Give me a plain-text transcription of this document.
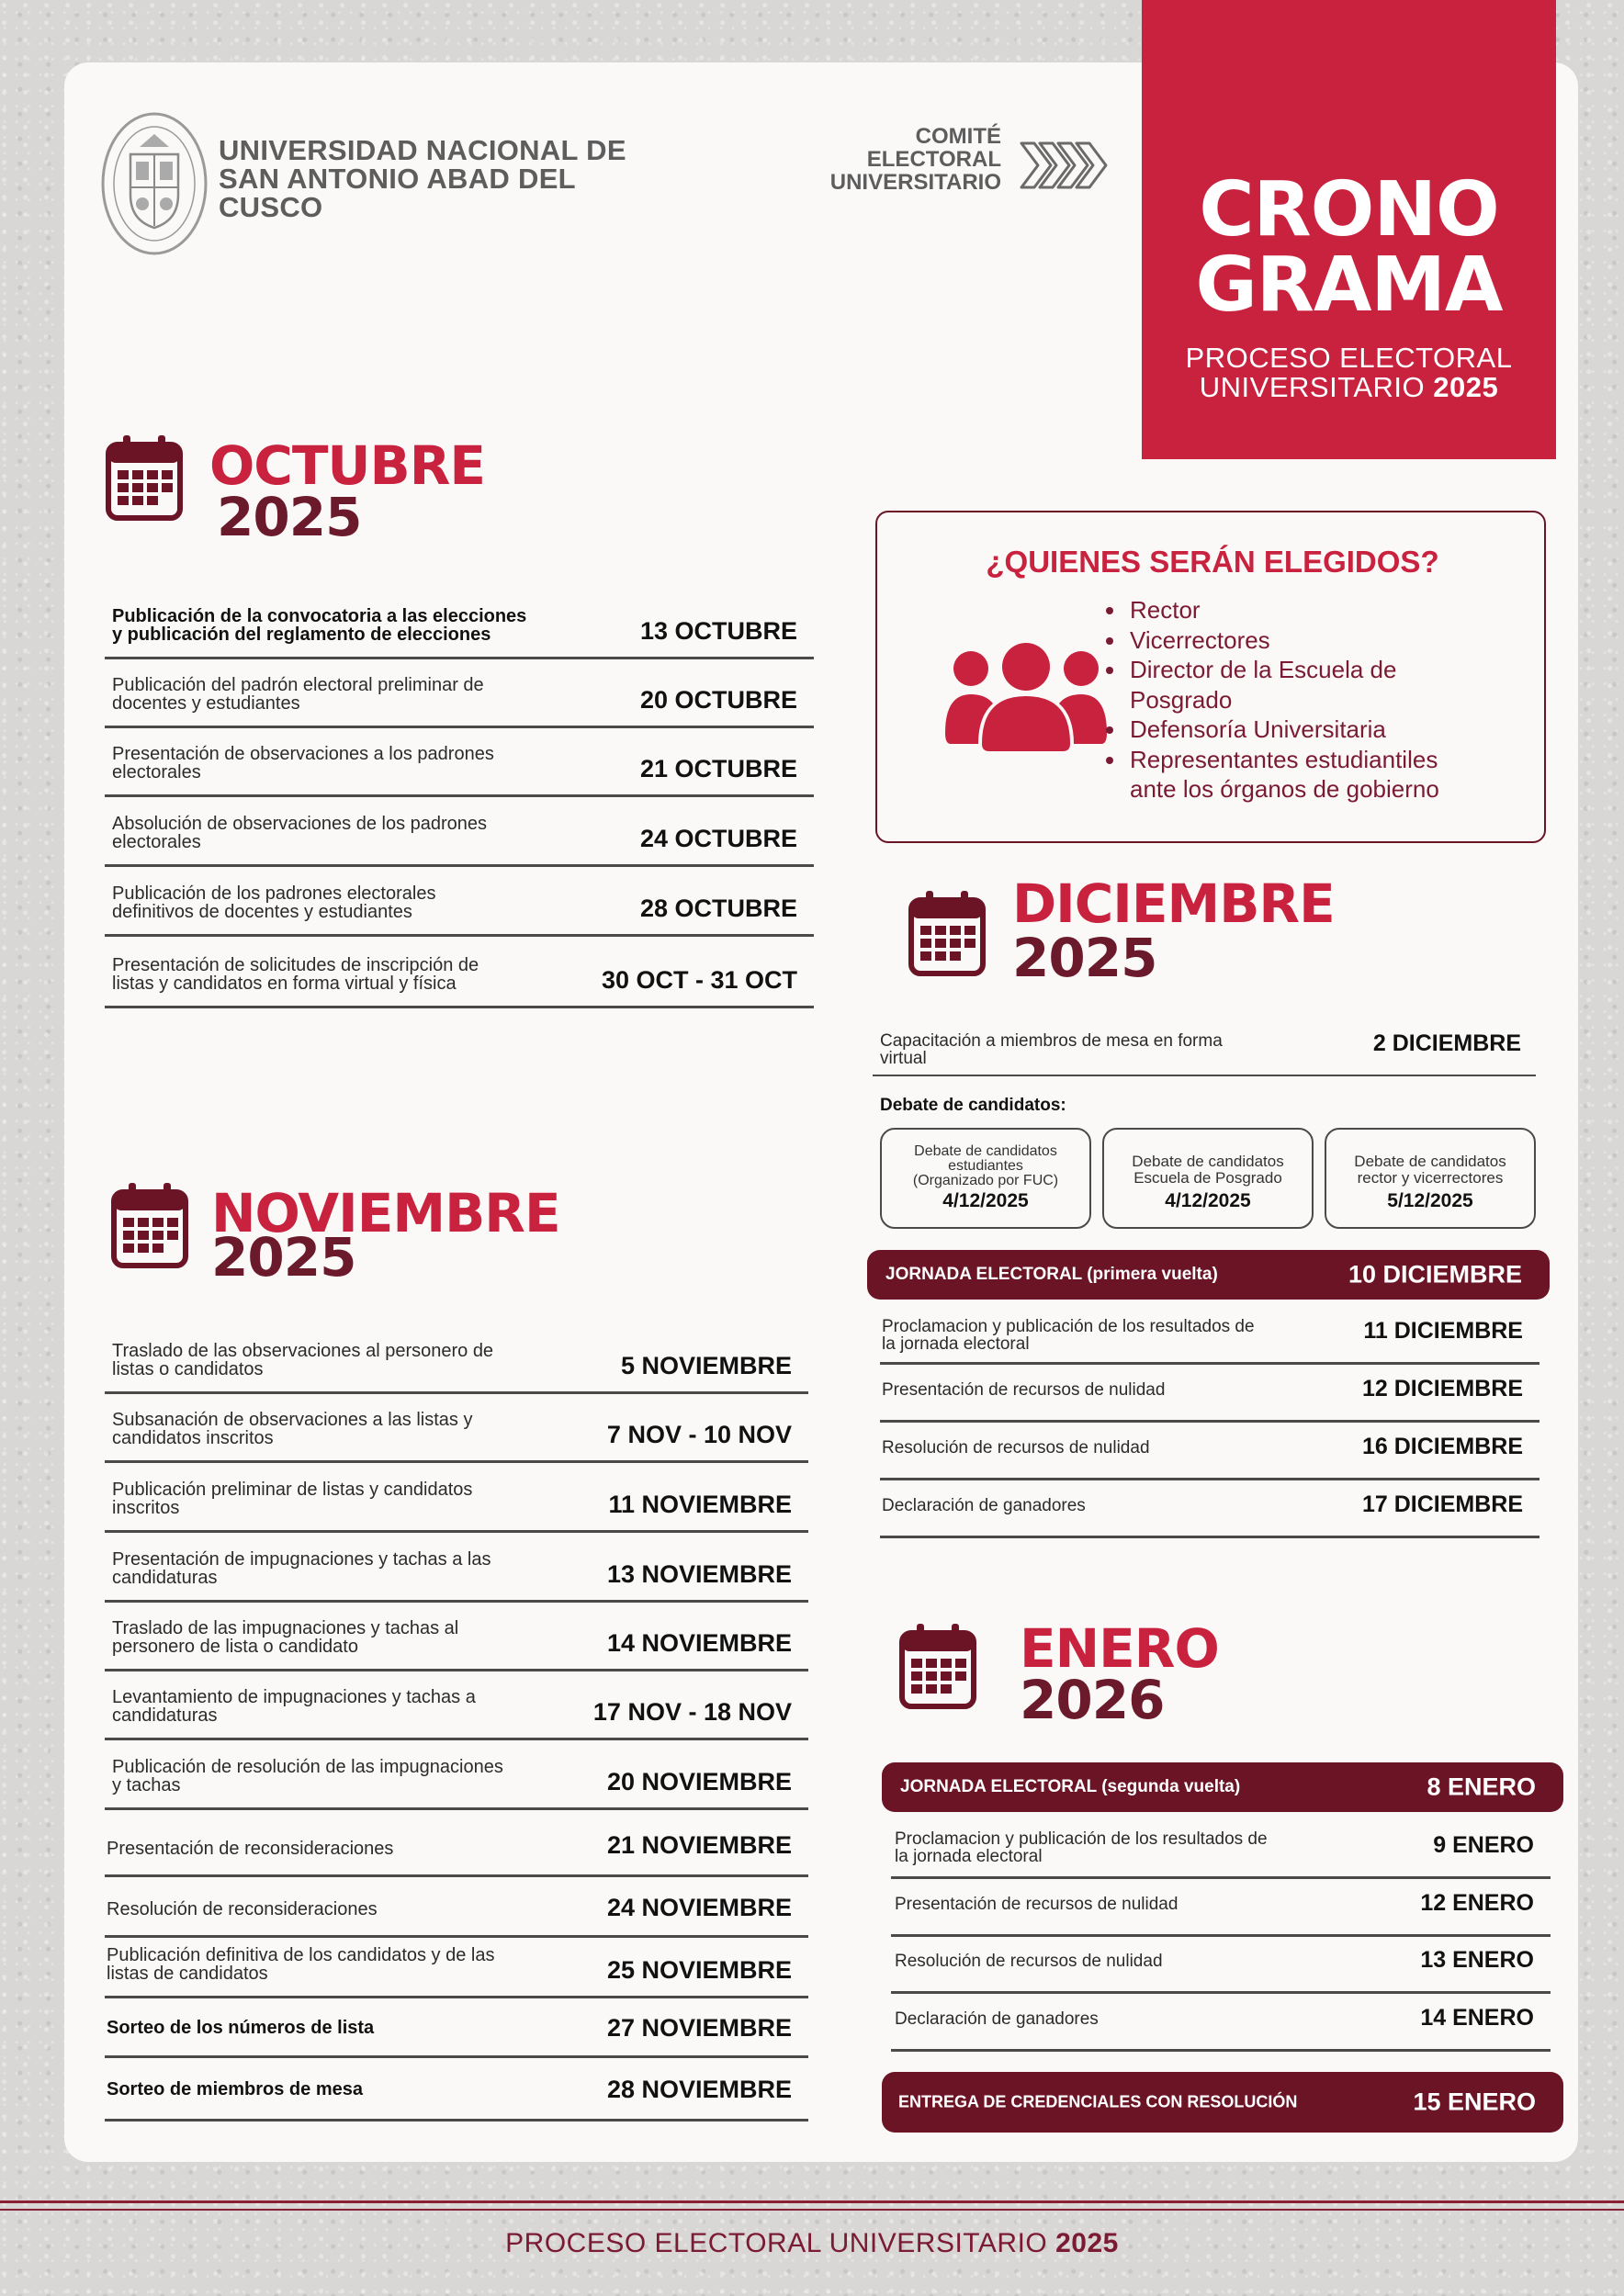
UNIVERSIDAD NACIONAL DE
SAN ANTONIO ABAD DEL
CUSCO
COMITÉ
ELECTORAL
UNIVERSITARIO	CRONO
GRAMA
PROCESO ELECTORAL
UNIVERSITARIO 2025
OCTUBRE
2025
Publicación de la convocatoria a las elecciones
y publicación del reglamento de elecciones	13 OCTUBRE
Publicación del padrón electoral preliminar de
docentes y estudiantes	20 OCTUBRE
Presentación de observaciones a los padrones
electorales	21 OCTUBRE
Absolución de observaciones de los padrones
electorales	24 OCTUBRE
Publicación de los padrones electorales
definitivos de docentes y estudiantes	28 OCTUBRE
Presentación de solicitudes de inscripción de
listas y candidatos en forma virtual y física	30 OCT - 31 OCT
NOVIEMBRE
2025
Traslado de las observaciones al personero de
listas o candidatos	5 NOVIEMBRE
Subsanación de observaciones a las listas y
candidatos inscritos	7 NOV - 10 NOV
Publicación preliminar de listas y candidatos
inscritos	11 NOVIEMBRE
Presentación de impugnaciones y tachas a las
candidaturas	13 NOVIEMBRE
Traslado de las impugnaciones y tachas al
personero de lista o candidato	14 NOVIEMBRE
Levantamiento de impugnaciones y tachas a
candidaturas	17 NOV - 18 NOV
Publicación de resolución de las impugnaciones
y tachas	20 NOVIEMBRE
Presentación de reconsideraciones	21 NOVIEMBRE
Resolución de reconsideraciones	24 NOVIEMBRE
Publicación definitiva de los candidatos y de las
listas de candidatos	25 NOVIEMBRE
Sorteo de los números de lista	27 NOVIEMBRE
Sorteo de miembros de mesa	28 NOVIEMBRE
¿QUIENES SERÁN ELEGIDOS?
Rector
Vicerrectores
Director de la Escuela de
Posgrado
Defensoría Universitaria
Representantes estudiantiles
ante los órganos de gobierno
DICIEMBRE
2025
Capacitación a miembros de mesa en forma
virtual
2 DICIEMBRE
Debate de candidatos:
Debate de candidatos
estudiantes
(Organizado por FUC)
4/12/2025
Debate de candidatos
Escuela de Posgrado
4/12/2025
Debate de candidatos
rector y vicerrectores
5/12/2025
JORNADA ELECTORAL (primera vuelta)	10 DICIEMBRE
Proclamacion y publicación de los resultados de
la jornada electoral
11 DICIEMBRE
Presentación de recursos de nulidad	12 DICIEMBRE
Resolución de recursos de nulidad	16 DICIEMBRE
Declaración de ganadores	17 DICIEMBRE
ENERO
2026
JORNADA ELECTORAL (segunda vuelta)	8 ENERO
Proclamacion y publicación de los resultados de
la jornada electoral	9 ENERO
Presentación de recursos de nulidad	12 ENERO
Resolución de recursos de nulidad	13 ENERO
Declaración de ganadores	14 ENERO
ENTREGA DE CREDENCIALES CON RESOLUCIÓN	15 ENERO
PROCESO ELECTORAL UNIVERSITARIO 2025
